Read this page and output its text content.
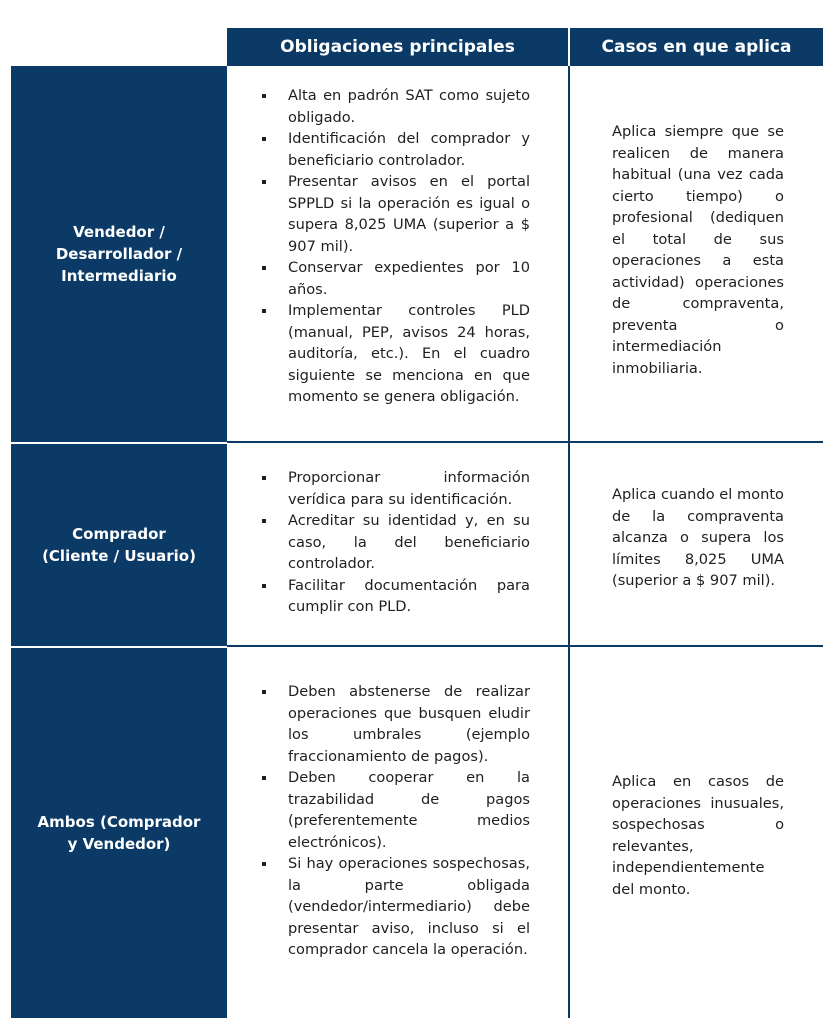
Obligaciones principales	Casos en que aplica
Vendedor /
Desarrollador /
Intermediario
Alta en padrón SAT como sujeto obligado.
Identificación del comprador y beneficiario controlador.
Presentar avisos en el portal SPPLD si la operación es igual o supera 8,025 UMA (superior a $ 907 mil).
Conservar expedientes por 10 años.
Implementar controles PLD (manual, PEP, avisos 24 horas, auditoría, etc.). En el cuadro siguiente se menciona en que momento se genera obligación.
Aplica siempre que se realicen de manera habitual (una vez cada cierto tiempo) o profesional (dediquen el total de sus operaciones a esta actividad) operaciones de compraventa, preventa o intermediación inmobiliaria.
Comprador
(Cliente / Usuario)
Proporcionar información verídica para su identificación.
Acreditar su identidad y, en su caso, la del beneficiario controlador.
Facilitar documentación para cumplir con PLD.
Aplica cuando el monto de la compraventa alcanza o supera los límites 8,025 UMA (superior a $ 907 mil).
Ambos (Comprador
y Vendedor)
Deben abstenerse de realizar operaciones que busquen eludir los umbrales (ejemplo fraccionamiento de pagos).
Deben cooperar en la trazabilidad de pagos (preferentemente medios electrónicos).
Si hay operaciones sospechosas, la parte obligada (vendedor/intermediario) debe presentar aviso, incluso si el comprador cancela la operación.
Aplica en casos de operaciones inusuales, sospechosas o relevantes, independientemente del monto.
